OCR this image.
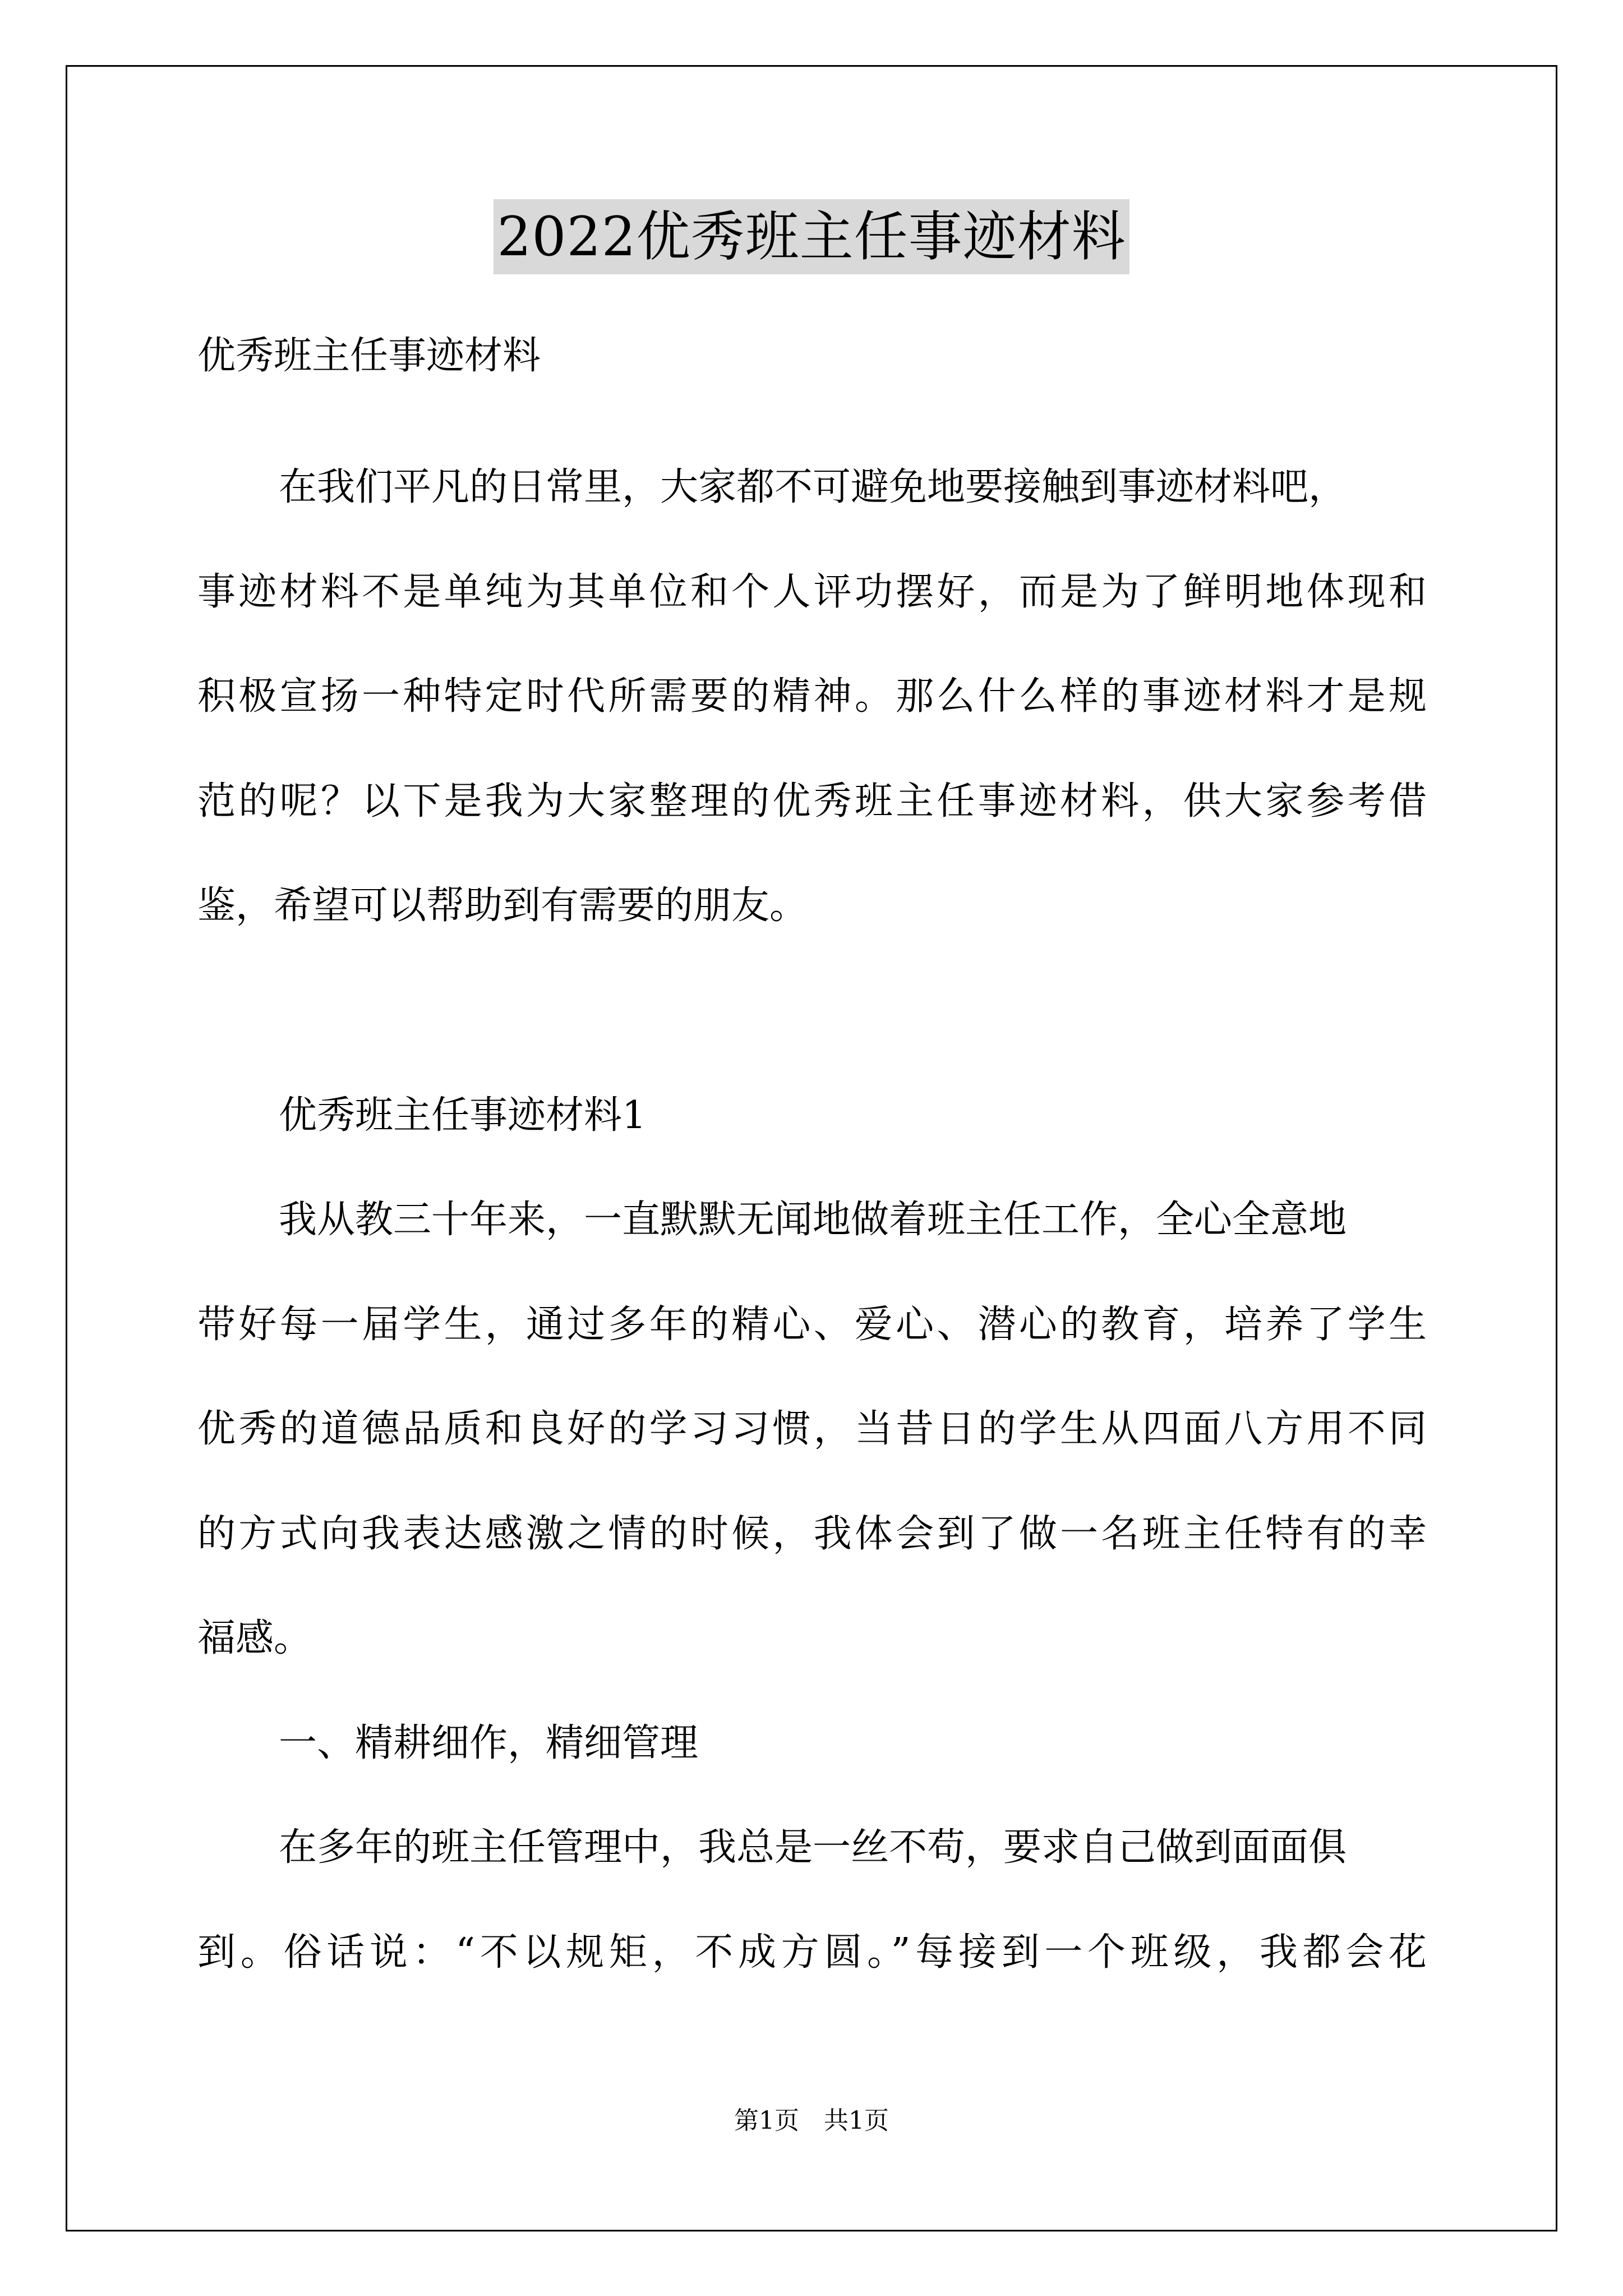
2022优秀班主任事迹材料
优秀班主任事迹材料
在我们平凡的日常里，大家都不可避免地要接触到事迹材料吧，
事迹材料不是单纯为其单位和个人评功摆好，而是为了鲜明地体现和
积极宣扬一种特定时代所需要的精神。那么什么样的事迹材料才是规
范的呢？以下是我为大家整理的优秀班主任事迹材料，供大家参考借
鉴，希望可以帮助到有需要的朋友。
优秀班主任事迹材料1
我从教三十年来，一直默默无闻地做着班主任工作，全心全意地
带好每一届学生，通过多年的精心、爱心、潜心的教育，培养了学生
优秀的道德品质和良好的学习习惯，当昔日的学生从四面八方用不同
的方式向我表达感激之情的时候，我体会到了做一名班主任特有的幸
福感。
一、精耕细作，精细管理
在多年的班主任管理中，我总是一丝不苟，要求自己做到面面俱
到。俗话说：“不以规矩，不成方圆。”每接到一个班级，我都会花
第1页　共1页
